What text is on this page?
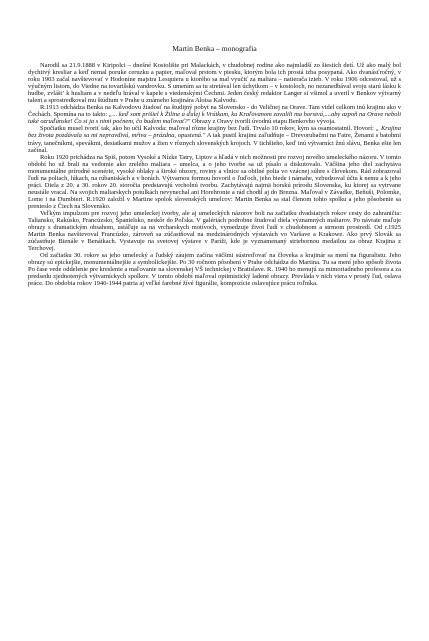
Martin Benka – monografia

Narodil sa 21.9.1888 v Kiripolci – dnešné Kostolište pri Malackách, v chudobnej rodine ako najmladší zo šiestich detí. Už ako malý bol dychtivý kresliar a keď nemal poruke ceruzku a papier, maľoval prstom v piesku, ktorým bola ich prostá izba posypaná. Ako dvanásťročný, v roku 1903 začal navštevovať v Hodoníne majstra Lesquiera u ktorého sa mal vyučiť za maliara – natierača izieb. V roku 1906 odcestoval, už s výučným listom, do Viedne na tovarišskú vandrovku. S umením sa tu stretával len úchytkom – v kostoloch, no nezanedbával svoju starú lásku k hudbe, zvláštʼ k husliam a v nedeľu hrával v kapele s viedenskými Čechmi. Jeden český redaktor Langer si všimol a uveril v Benkov výtvarný talent a sprostredkoval mu štúdium v Prahe u známeho krajinára Aloisa Kalvodu.

R.1913 odchádza Benka na Kalvodovu žiadosť na študijný pobyt na Slovensko - do Veličnej na Orave. Tam videl celkom inú krajinu ako v Čechách. Spomína na to takto: „... keď som prišiel k Žiline a ďalej k Vrútkam, ku Kraľovanom zavalili ma horstvá,....aby azpoň na Orave neboli také ozruďánske! Čo si ja s nimi počnem, čo budem maľovať?" Obrazy z Oravy tvorili úvodnú etapu Benkovho vývoja.

Spočiatku musel tvoriť tak, ako ho učil Kalvoda: maľoval rôzne krajiny bez ľudí. Trvalo 10 rokov, kým sa osamostatnil. Hovorí: „ Krajina bez života pozdávala sa mi nepravdivá, mŕtva – prázdna, opustená." A tak pustil krajinu zaľudňuje – Drevorubačmi na Fatre, Ženami s batohmi trávy, tanečníkmi, spevákmi, desiatkami mužov a žien v rôznych slovenských krojoch. V tichšieho, keď inú výtvarníci žnú slávu, Benka ešte len začínal.

Roku 1920 prichádza na Spiš, potom Vysoké a Nízke Tatry, Liptov a hľadá v nich možnosti pre rozvoj nového umeleckého názoru. V tomto období ho už brali na vedomie ako zrelého maliara – umelca, a o jeho tvorbe sa už písalo a diskutovalo. Väčšina jeho diel zachytáva monumentálne prírodné scenérie, vysoké oblaky a široké obzory, roviny a vlnice sa obilné polia vo vzácnej súhre s človekom. Rád zobrazoval ľudí na poliach, lúkach, na rúbaniskách a v horách. Výtvarnou formou hovoril o ľuďoch, jeho biede i námahe, vzbudzoval účtu k nemu a k jeho práci. Diela z 20. a 30. rokov 20. storočia predstavujú vrcholnú tvorbu. Zachytávajú najmä horskú prírodu Slovenska, ku ktorej sa vytrvane neustále vracal. Na svojich maliarskych potulkách nevynechal ani Horehronie a rád chodil aj do Brezna. Maľoval v Závadke, Beňuši, Polomke, Lome i na Dumbieri. R.1920 založil v Martine spolok slovenských umelcov: Martin Benka sa stal členom tohto spolku a jeho pôsobenie sa prenieslo z Čiech na Slovensko.

Veľkým impulzom pre rozvoj jeho umeleckej tvorby, ale aj umeleckých názorov boli na začiatku dvadsiatych rokov cesty do zahraničia: Taliansko, Rakúsko, Francúzsko, Španielsko, neskôr do Poľska. V galériách podrobne študoval diela významných maliarov. Po návrate maľuje obrazy s dramatickým obsahom, ustáľuje sa na vrcharskych motívoch, vymedzuje život ľudí v chudobnom a strmom prostredí. Od r.1925 Martin Benka navštevoval Francúzko, zároveň sa zúčastňoval na medzinárodných výstavách vo Varšave a Krakowe. Ako prvý Slovák sa zúčastňuje Bienále v Benátkach. Vystavuje na svetovej výstave v Paríži, kde je vyznamenaný striebornou medailou za obraz Krajina z Terchovej.

Od začiatku 30. rokov sa jeho umelecký a ľudský záujem začína väčšmi sústreďovať na človeka a krajinár sa mení na figuralistu. Jeho obrazy sú epickejšie, monumentálnejšie a symbolickejšie. Po 30 ročnom pôsobení v Prahe odchádza do Martina. Tu sa mení jeho spôsob života Po čase vede oddelenie pre kreslenie a maľovanie na slovenskej VŠ technickej v Bratislave. R. 1940 ho menujú za mimoriadneho profesora a za predsedu zjednotených výtvarníckych spolkov. V tomto období maľoval optimistický ladené obrazy. Prevláda v nich viera v prostý ľud, oslava práce. Do obdobia rokov 1940-1944 patria aj veľké farebné žívé figurálie, kompozície oslavujúce prácu roľníka.
